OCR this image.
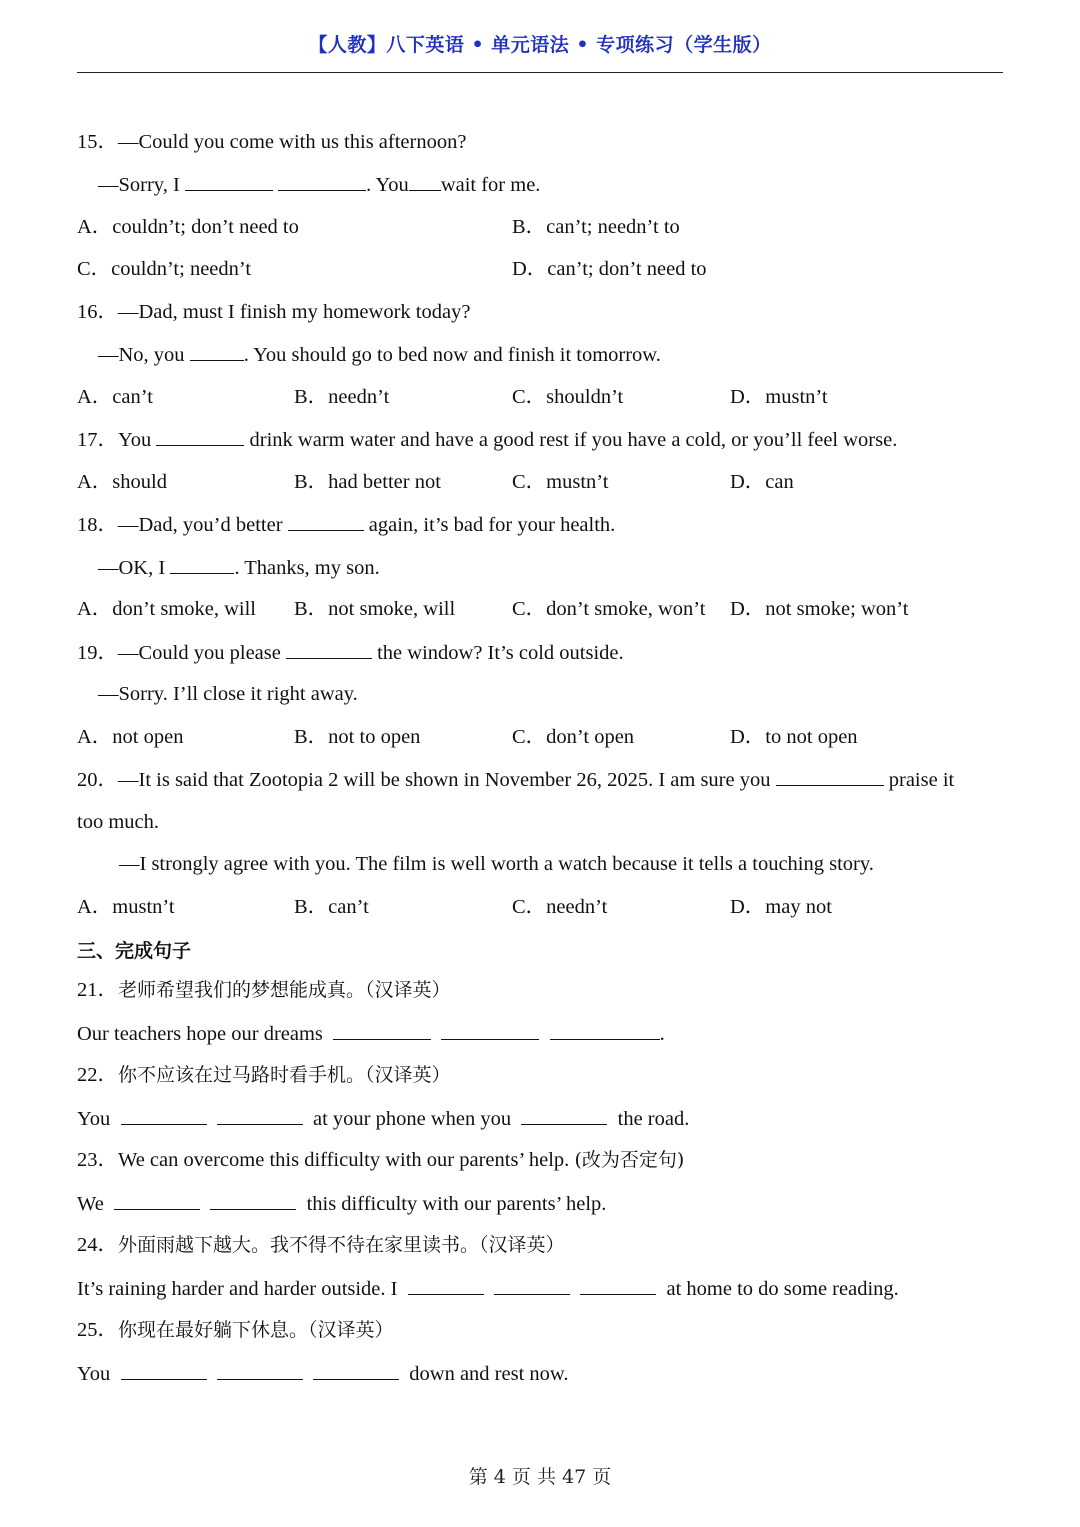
【人教】八下英语 • 单元语法 • 专项练习（学生版）
15．—Could you come with us this afternoon?
—Sorry, I	. You wait for me.
A．couldn’t; don’t need to	B．can’t; needn’t to
C．couldn’t; needn’t	D．can’t; don’t need to
16．—Dad, must I finish my homework today?
—No, you	. You should go to bed now and finish it tomorrow.
A．can’t	B．needn’t	C．shouldn’t	D．mustn’t
17．You	drink warm water and have a good rest if you have a cold, or you’ll feel worse.
A．should	B．had better not	C．mustn’t	D．can
18．—Dad, you’d better	again, it’s bad for your health.
—OK, I	. Thanks, my son.
A．don’t smoke, will B．not smoke, will	C．don’t smoke, won’t D．not smoke; won’t
19．—Could you please	the window? It’s cold outside.
—Sorry. I’ll close it right away.
A．not open	B．not to open	C．don’t open	D．to not open
20．—It is said that Zootopia 2 will be shown in November 26, 2025. I am sure you	praise it
too much.
—I strongly agree with you. The film is well worth a watch because it tells a touching story.
A．mustn’t	B．can’t	C．needn’t	D．may not
三、完成句子
21．老师希望我们的梦想能成真。（汉译英）
Our teachers hope our dreams	.
22．你不应该在过马路时看手机。（汉译英）
You	at your phone when you	the road.
23．We can overcome this difficulty with our parents’ help. (改为否定句)
We	this difficulty with our parents’ help.
24．外面雨越下越大。我不得不待在家里读书。（汉译英）
It’s raining harder and harder outside. I	at home to do some reading.
25．你现在最好躺下休息。（汉译英）
You	down and rest now.
第 4 页 共 47 页
